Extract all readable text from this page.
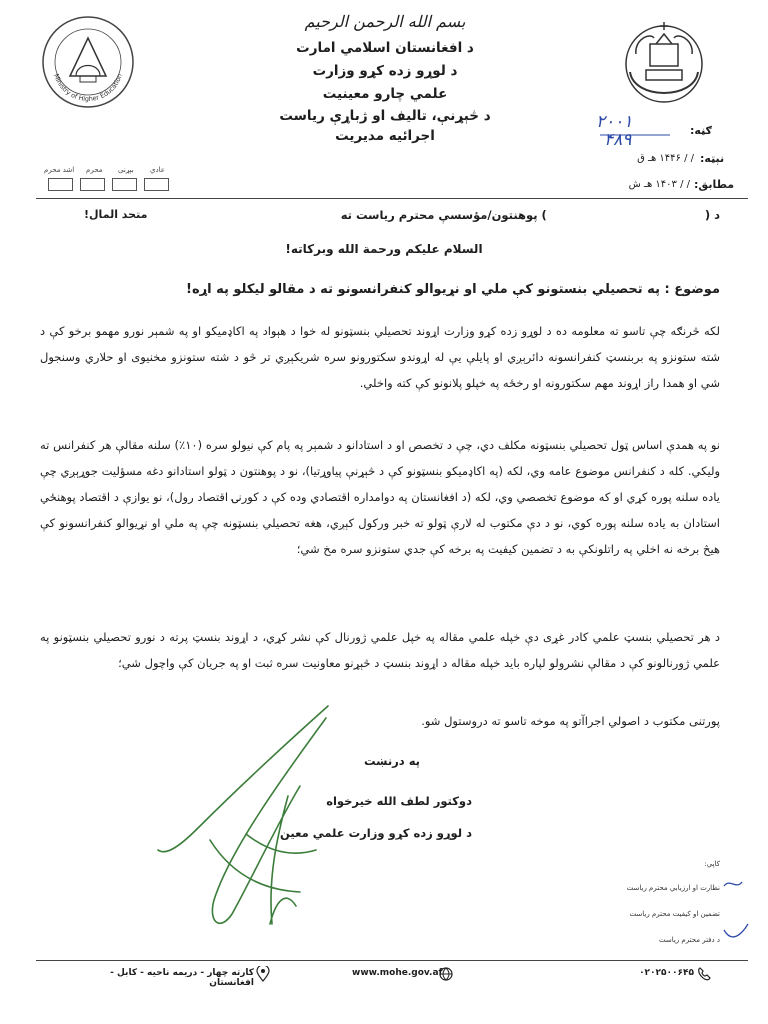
بسم الله الرحمن الرحيم
د افغانستان اسلامي امارت
د لوړو زده کړو وزارت
علمي چارو معينيت
د څېړنې، تاليف او ژباړې رياست
اجرائيه مديريت
Ministry of Higher Education
ګڼه:
۲۰۰۱
۴۸۹
نېټه:
/ / ۱۴۴۶ هـ ق
مطابق:
/ / ۱۴۰۳ هـ ش
عادي
بېړنی
محرم
اشد محرم
د (  ) پوهنتون/مؤسسې محترم رياست ته
متحد المال!
السلام عليكم ورحمة الله وبركاته!
موضوع : په تحصيلي بنستونو کې ملي او نړيوالو کنفرانسونو ته د مقالو ليکلو په اړه!
لکه څرنګه چې تاسو ته معلومه ده د لوړو زده کړو وزارت اړوند تحصيلي بنسټونو له خوا د هېواد په اکاډميکو او په شمېر نورو مهمو برخو کې د شته ستونزو په بربنسټ کنفرانسونه دائرېږي او پايلې يې له اړوندو سکتورونو سره شريکېږي تر څو د شته ستونزو مخنيوی او حلاري وسنجول شي او همدا راز اړوند مهم سکتورونه او رخځه په خپلو پلانونو کې کته واخلي.
نو په همدې اساس ټول تحصيلي بنسټونه مکلف دي، چې د تخصص او د استادانو د شمېر په پام کې نيولو سره (۱۰٪) سلنه مقالې هر کنفرانس ته وليکي. کله د کنفرانس موضوع عامه وي، لکه (په اکاډميکو بنسټونو کې د څېړنې پياوړتيا)، نو د پوهنتون د ټولو استادانو دغه مسؤليت جوړېږي چې ياده سلنه پوره کړي او که موضوع تخصصي وي، لکه (د افغانستان په دوامداره اقتصادي وده کې د کورنۍ اقتصاد رول)، نو يوازې د اقتصاد پوهنځي استادان به ياده سلنه پوره کوي، نو د دې مکتوب له لارې ټولو ته خبر ورکول کېږي، هغه تحصيلي بنسټونه چې په ملي او نړيوالو کنفرانسونو کې هيڅ برخه نه اخلي په راتلونکې به د تضمين کيفيت په برخه کې جدي ستونزو سره مخ شي؛
د هر تحصيلي بنسټ علمي کادر غړی دې خپله علمي مقاله په خپل علمي ژورنال کې نشر کړي، د اړوند بنسټ پرته د نورو تحصيلي بنسټونو په علمي ژورنالونو کې د مقالې نشرولو لپاره بايد خپله مقاله د اړوند بنسټ د څېړنو معاونيت سره ثبت او په جريان کې واچول شي؛
پورتنی مکتوب د اصولي اجراآتو په موخه تاسو ته دروستول شو.
په درنښت
دوکتور لطف الله خيرخواه
د لوړو زده کړو وزارت علمي معين
کاپي:
نظارت او ارزيابي محترم رياست
تضمين او کيفيت محترم رياست
د دفتر محترم رياست
۰۲۰۲۵۰۰۶۴۵
www.mohe.gov.af
کارته چهار - دريمه ناحيه - کابل - افغانستان
